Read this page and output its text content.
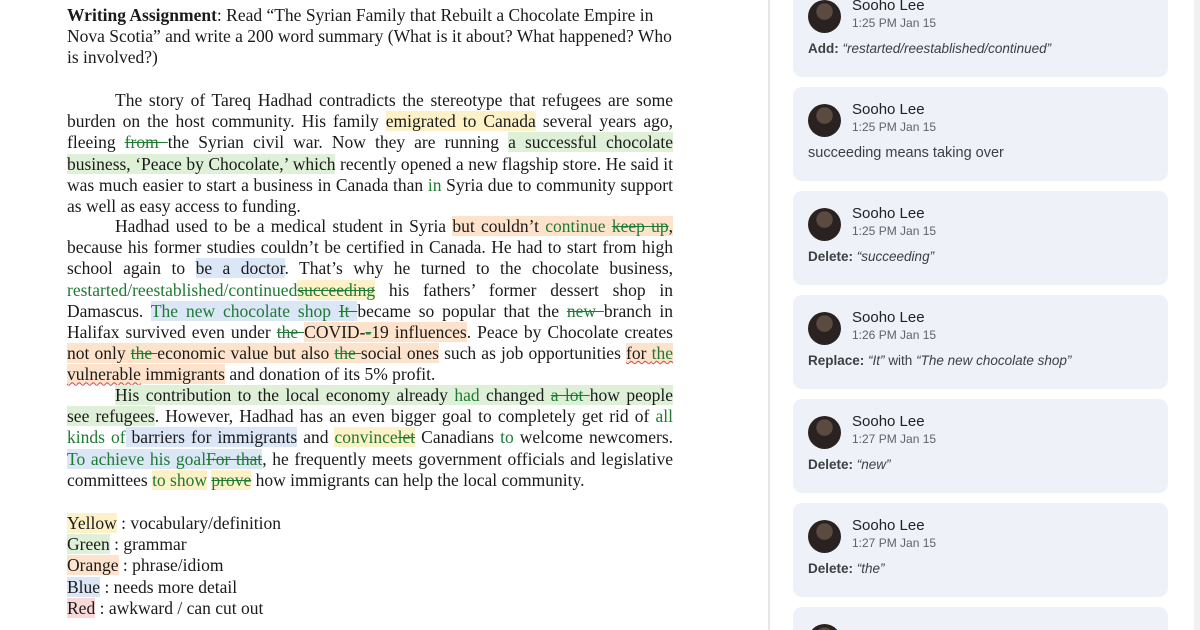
Writing Assignment: Read “The Syrian Family that Rebuilt a Chocolate Empire in Nova Scotia” and write a 200 word summary (What is it about? What happened? Who is involved?)

The story of Tareq Hadhad contradicts the stereotype that refugees are some burden on the host community. His family emigrated to Canada several years ago, fleeing from the Syrian civil war. Now they are running a successful chocolate business, ‘Peace by Chocolate,’ which recently opened a new flagship store. He said it was much easier to start a business in Canada than in Syria due to community support as well as easy access to funding.

Hadhad used to be a medical student in Syria but couldn’t continue keep up, because his former studies couldn’t be certified in Canada. He had to start from high school again to be a doctor. That’s why he turned to the chocolate business, restarted/reestablished/continuedsucceeding his fathers’ former dessert shop in Damascus. The new chocolate shop It became so popular that the new branch in Halifax survived even under the COVID--19 influences. Peace by Chocolate creates not only the economic value but also the social ones such as job opportunities for the vulnerable immigrants and donation of its 5% profit.

His contribution to the local economy already had changed a lot how people see refugees. However, Hadhad has an even bigger goal to completely get rid of all kinds of barriers for immigrants and convincelet Canadians to welcome newcomers. To achieve his goalFor that, he frequently meets government officials and legislative committees to show prove how immigrants can help the local community.

Yellow : vocabulary/definition
Green : grammar
Orange : phrase/idiom
Blue : needs more detail
Red : awkward / can cut out
Sooho Lee
1:25 PM Jan 15
Add: “restarted/reestablished/continued”
Sooho Lee
1:25 PM Jan 15
succeeding means taking over
Sooho Lee
1:25 PM Jan 15
Delete: “succeeding”
Sooho Lee
1:26 PM Jan 15
Replace: “It” with “The new chocolate shop”
Sooho Lee
1:27 PM Jan 15
Delete: “new”
Sooho Lee
1:27 PM Jan 15
Delete: “the”
